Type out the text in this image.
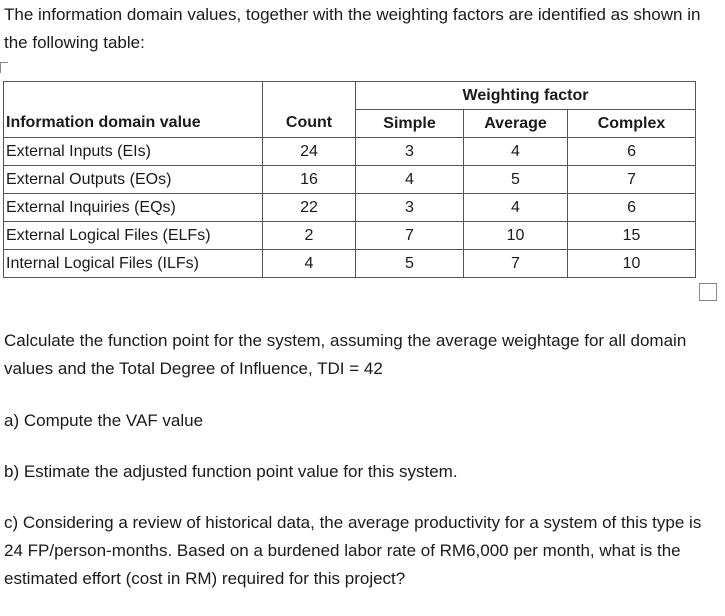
The information domain values, together with the weighting factors are identified as shown in the following table:

		Weighting factor		
Information domain value	Count	Simple	Average	Complex
External Inputs (EIs)	24	3	4	6
External Outputs (EOs)	16	4	5	7
External Inquiries (EQs)	22	3	4	6
External Logical Files (ELFs)	2	7	10	15
Internal Logical Files (ILFs)	4	5	7	10

Calculate the function point for the system, assuming the average weightage for all domain values and the Total Degree of Influence, TDI = 42

a) Compute the VAF value

b) Estimate the adjusted function point value for this system.

c) Considering a review of historical data, the average productivity for a system of this type is 24 FP/person-months. Based on a burdened labor rate of RM6,000 per month, what is the estimated effort (cost in RM) required for this project?
